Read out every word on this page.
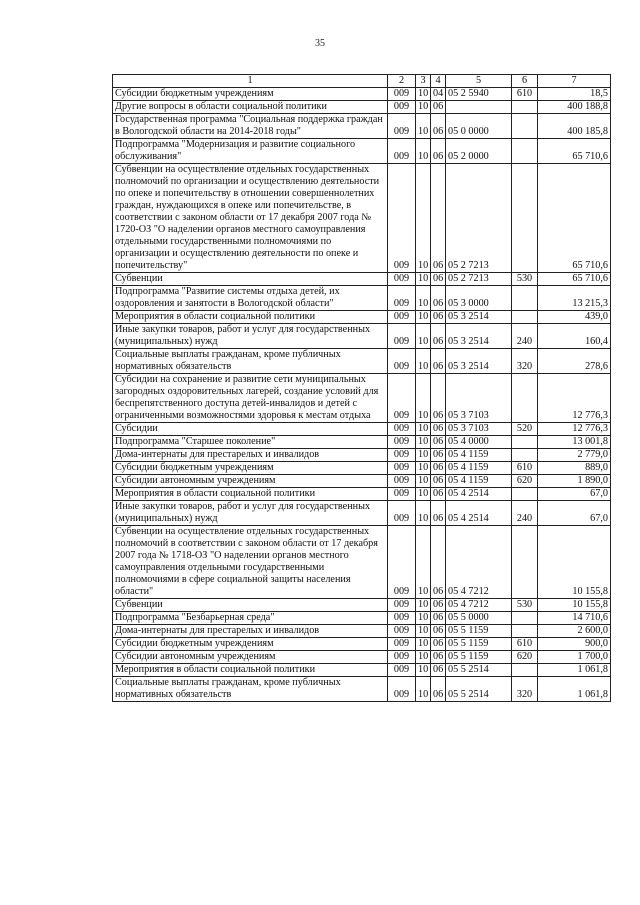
35
1	2	3	4	5	6	7
Субсидии бюджетным учреждениям	009	10	04	05 2 5940	610	18,5
Другие вопросы в области социальной политики	009	10	06			400 188,8
Государственная программа "Социальная поддержка граждан в Вологодской области на 2014-2018 годы"	009	10	06	05 0 0000		400 185,8
Подпрограмма "Модернизация и развитие социального обслуживания"	009	10	06	05 2 0000		65 710,6
Субвенции на осуществление отдельных государственных полномочий по организации и осуществлению деятельности по опеке и попечительству в отношении совершеннолетних граждан, нуждающихся в опеке или попечительстве, в соответствии с законом области от 17 декабря 2007 года № 1720-ОЗ "О наделении органов местного самоуправления отдельными государственными полномочиями по организации и осуществлению деятельности по опеке и попечительству"	009	10	06	05 2 7213		65 710,6
Субвенции	009	10	06	05 2 7213	530	65 710,6
Подпрограмма "Развитие системы отдыха детей, их оздоровления и занятости в Вологодской области"	009	10	06	05 3 0000		13 215,3
Мероприятия в области социальной политики	009	10	06	05 3 2514		439,0
Иные закупки товаров, работ и услуг для государственных (муниципальных) нужд	009	10	06	05 3 2514	240	160,4
Социальные выплаты гражданам, кроме публичных нормативных обязательств	009	10	06	05 3 2514	320	278,6
Субсидии на сохранение и развитие сети муниципальных загородных оздоровительных лагерей, создание условий для беспрепятственного доступа детей-инвалидов и детей с ограниченными возможностями здоровья к местам отдыха	009	10	06	05 3 7103		12 776,3
Субсидии	009	10	06	05 3 7103	520	12 776,3
Подпрограмма "Старшее поколение"	009	10	06	05 4 0000		13 001,8
Дома-интернаты для престарелых и инвалидов	009	10	06	05 4 1159		2 779,0
Субсидии бюджетным учреждениям	009	10	06	05 4 1159	610	889,0
Субсидии автономным учреждениям	009	10	06	05 4 1159	620	1 890,0
Мероприятия в области социальной политики	009	10	06	05 4 2514		67,0
Иные закупки товаров, работ и услуг для государственных (муниципальных) нужд	009	10	06	05 4 2514	240	67,0
Субвенции на осуществление отдельных государственных полномочий в соответствии с законом области от 17 декабря 2007 года № 1718-ОЗ "О наделении органов местного самоуправления отдельными государственными полномочиями в сфере социальной защиты населения области"	009	10	06	05 4 7212		10 155,8
Субвенции	009	10	06	05 4 7212	530	10 155,8
Подпрограмма "Безбарьерная среда"	009	10	06	05 5 0000		14 710,6
Дома-интернаты для престарелых и инвалидов	009	10	06	05 5 1159		2 600,0
Субсидии бюджетным учреждениям	009	10	06	05 5 1159	610	900,0
Субсидии автономным учреждениям	009	10	06	05 5 1159	620	1 700,0
Мероприятия в области социальной политики	009	10	06	05 5 2514		1 061,8
Социальные выплаты гражданам, кроме публичных нормативных обязательств	009	10	06	05 5 2514	320	1 061,8
